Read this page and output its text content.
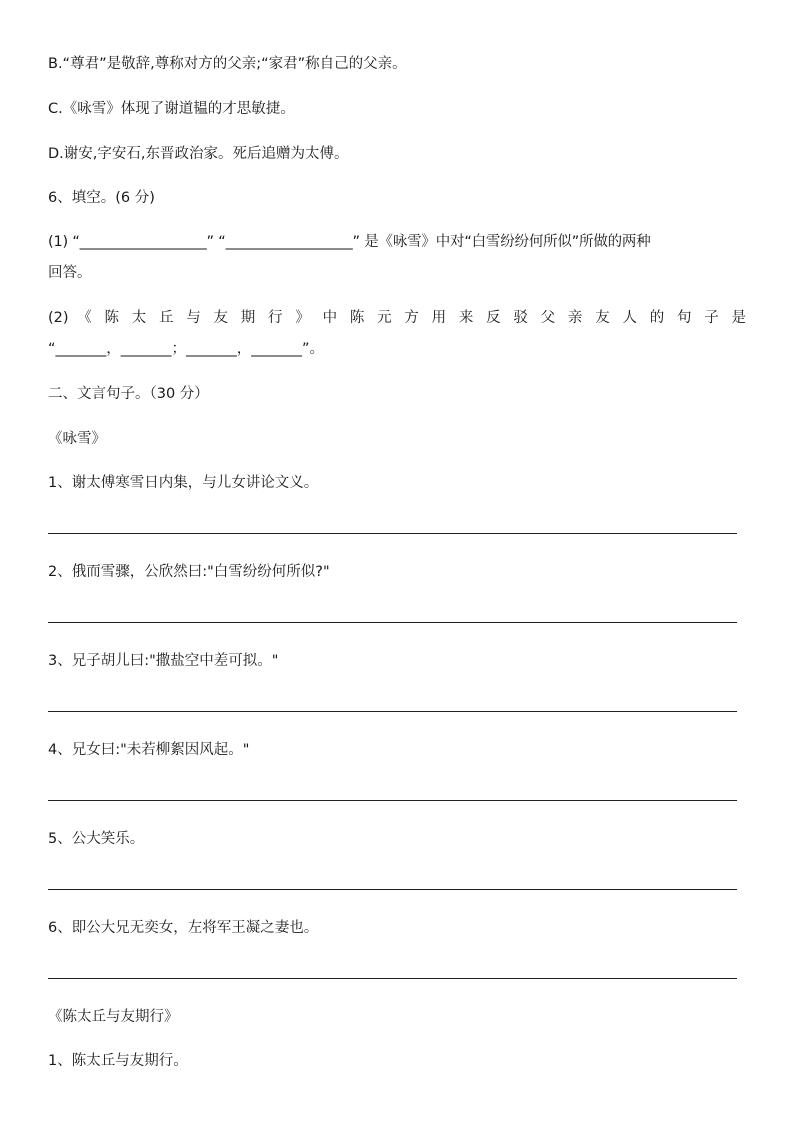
B.“尊君”是敬辞,尊称对方的父亲;“家君”称自己的父亲。
C.《咏雪》体现了谢道韫的才思敏捷。
D.谢安,字安石,东晋政治家。死后追赠为太傅。
6、填空。(6 分)
(1) “__________________” “__________________” 是《咏雪》中对“白雪纷纷何所似”所做的两种
回答。
(2) 《 陈 太 丘 与 友 期 行 》 中 陈 元 方 用 来 反 驳 父 亲 友 人 的 句 子 是
“_______，_______；_______，_______”。
二、文言句子。（30 分）
《咏雪》
1、谢太傅寒雪日内集，与儿女讲论文义。
2、俄而雪骤，公欣然曰:"白雪纷纷何所似?"
3、兄子胡儿曰:"撒盐空中差可拟。"
4、兄女曰:"未若柳絮因风起。"
5、公大笑乐。
6、即公大兄无奕女，左将军王凝之妻也。
《陈太丘与友期行》
1、陈太丘与友期行。
